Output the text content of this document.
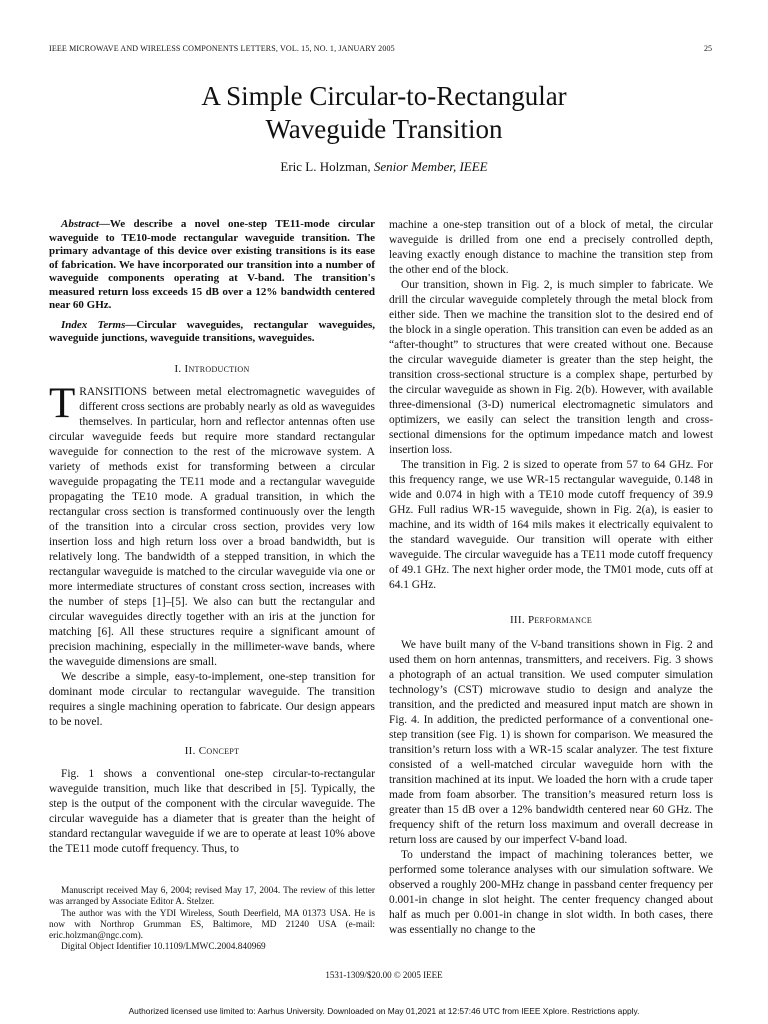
IEEE MICROWAVE AND WIRELESS COMPONENTS LETTERS, VOL. 15, NO. 1, JANUARY 2005	25
A Simple Circular-to-Rectangular
Waveguide Transition
Eric L. Holzman, Senior Member, IEEE

Abstract—We describe a novel one-step TE11-mode circular waveguide to TE10-mode rectangular waveguide transition. The primary advantage of this device over existing transitions is its ease of fabrication. We have incorporated our transition into a number of waveguide components operating at V-band. The transition's measured return loss exceeds 15 dB over a 12% bandwidth centered near 60 GHz.

Index Terms—Circular waveguides, rectangular waveguides, waveguide junctions, waveguide transitions, waveguides.

I. Introduction

TRANSITIONS between metal electromagnetic waveguides of different cross sections are probably nearly as old as waveguides themselves. In particular, horn and reflector antennas often use circular waveguide feeds but require more standard rectangular waveguide for connection to the rest of the microwave system. A variety of methods exist for transforming between a circular waveguide propagating the TE11 mode and a rectangular waveguide propagating the TE10 mode. A gradual transition, in which the rectangular cross section is transformed continuously over the length of the transition into a circular cross section, provides very low insertion loss and high return loss over a broad bandwidth, but is relatively long. The bandwidth of a stepped transition, in which the rectangular waveguide is matched to the circular waveguide via one or more intermediate structures of constant cross section, increases with the number of steps [1]–[5]. We also can butt the rectangular and circular waveguides directly together with an iris at the junction for matching [6]. All these structures require a significant amount of precision machining, especially in the millimeter-wave bands, where the waveguide dimensions are small.

We describe a simple, easy-to-implement, one-step transition for dominant mode circular to rectangular waveguide. The transition requires a single machining operation to fabricate. Our design appears to be novel.

II. Concept

Fig. 1 shows a conventional one-step circular-to-rectangular waveguide transition, much like that described in [5]. Typically, the step is the output of the component with the circular waveguide. The circular waveguide has a diameter that is greater than the height of standard rectangular waveguide if we are to operate at least 10% above the TE11 mode cutoff frequency. Thus, to

Manuscript received May 6, 2004; revised May 17, 2004. The review of this letter was arranged by Associate Editor A. Stelzer.

The author was with the YDI Wireless, South Deerfield, MA 01373 USA. He is now with Northrop Grumman ES, Baltimore, MD 21240 USA (e-mail: eric.holzman@ngc.com).

Digital Object Identifier 10.1109/LMWC.2004.840969

machine a one-step transition out of a block of metal, the circular waveguide is drilled from one end a precisely controlled depth, leaving exactly enough distance to machine the transition step from the other end of the block.

Our transition, shown in Fig. 2, is much simpler to fabricate. We drill the circular waveguide completely through the metal block from either side. Then we machine the transition slot to the desired end of the block in a single operation. This transition can even be added as an “after-thought” to structures that were created without one. Because the circular waveguide diameter is greater than the step height, the transition cross-sectional structure is a complex shape, perturbed by the circular waveguide as shown in Fig. 2(b). However, with available three-dimensional (3-D) numerical electromagnetic simulators and optimizers, we easily can select the transition length and cross-sectional dimensions for the optimum impedance match and lowest insertion loss.

The transition in Fig. 2 is sized to operate from 57 to 64 GHz. For this frequency range, we use WR-15 rectangular waveguide, 0.148 in wide and 0.074 in high with a TE10 mode cutoff frequency of 39.9 GHz. Full radius WR-15 waveguide, shown in Fig. 2(a), is easier to machine, and its width of 164 mils makes it electrically equivalent to the standard waveguide. Our transition will operate with either waveguide. The circular waveguide has a TE11 mode cutoff frequency of 49.1 GHz. The next higher order mode, the TM01 mode, cuts off at 64.1 GHz.

III. Performance

We have built many of the V-band transitions shown in Fig. 2 and used them on horn antennas, transmitters, and receivers. Fig. 3 shows a photograph of an actual transition. We used computer simulation technology’s (CST) microwave studio to design and analyze the transition, and the predicted and measured input match are shown in Fig. 4. In addition, the predicted performance of a conventional one-step transition (see Fig. 1) is shown for comparison. We measured the transition’s return loss with a WR-15 scalar analyzer. The test fixture consisted of a well-matched circular waveguide horn with the transition machined at its input. We loaded the horn with a crude taper made from foam absorber. The transition’s measured return loss is greater than 15 dB over a 12% bandwidth centered near 60 GHz. The frequency shift of the return loss maximum and overall decrease in return loss are caused by our imperfect V-band load.

To understand the impact of machining tolerances better, we performed some tolerance analyses with our simulation software. We observed a roughly 200-MHz change in passband center frequency per 0.001-in change in slot height. The center frequency changed about half as much per 0.001-in change in slot width. In both cases, there was essentially no change to the

1531-1309/$20.00 © 2005 IEEE
Authorized licensed use limited to: Aarhus University. Downloaded on May 01,2021 at 12:57:46 UTC from IEEE Xplore. Restrictions apply.
